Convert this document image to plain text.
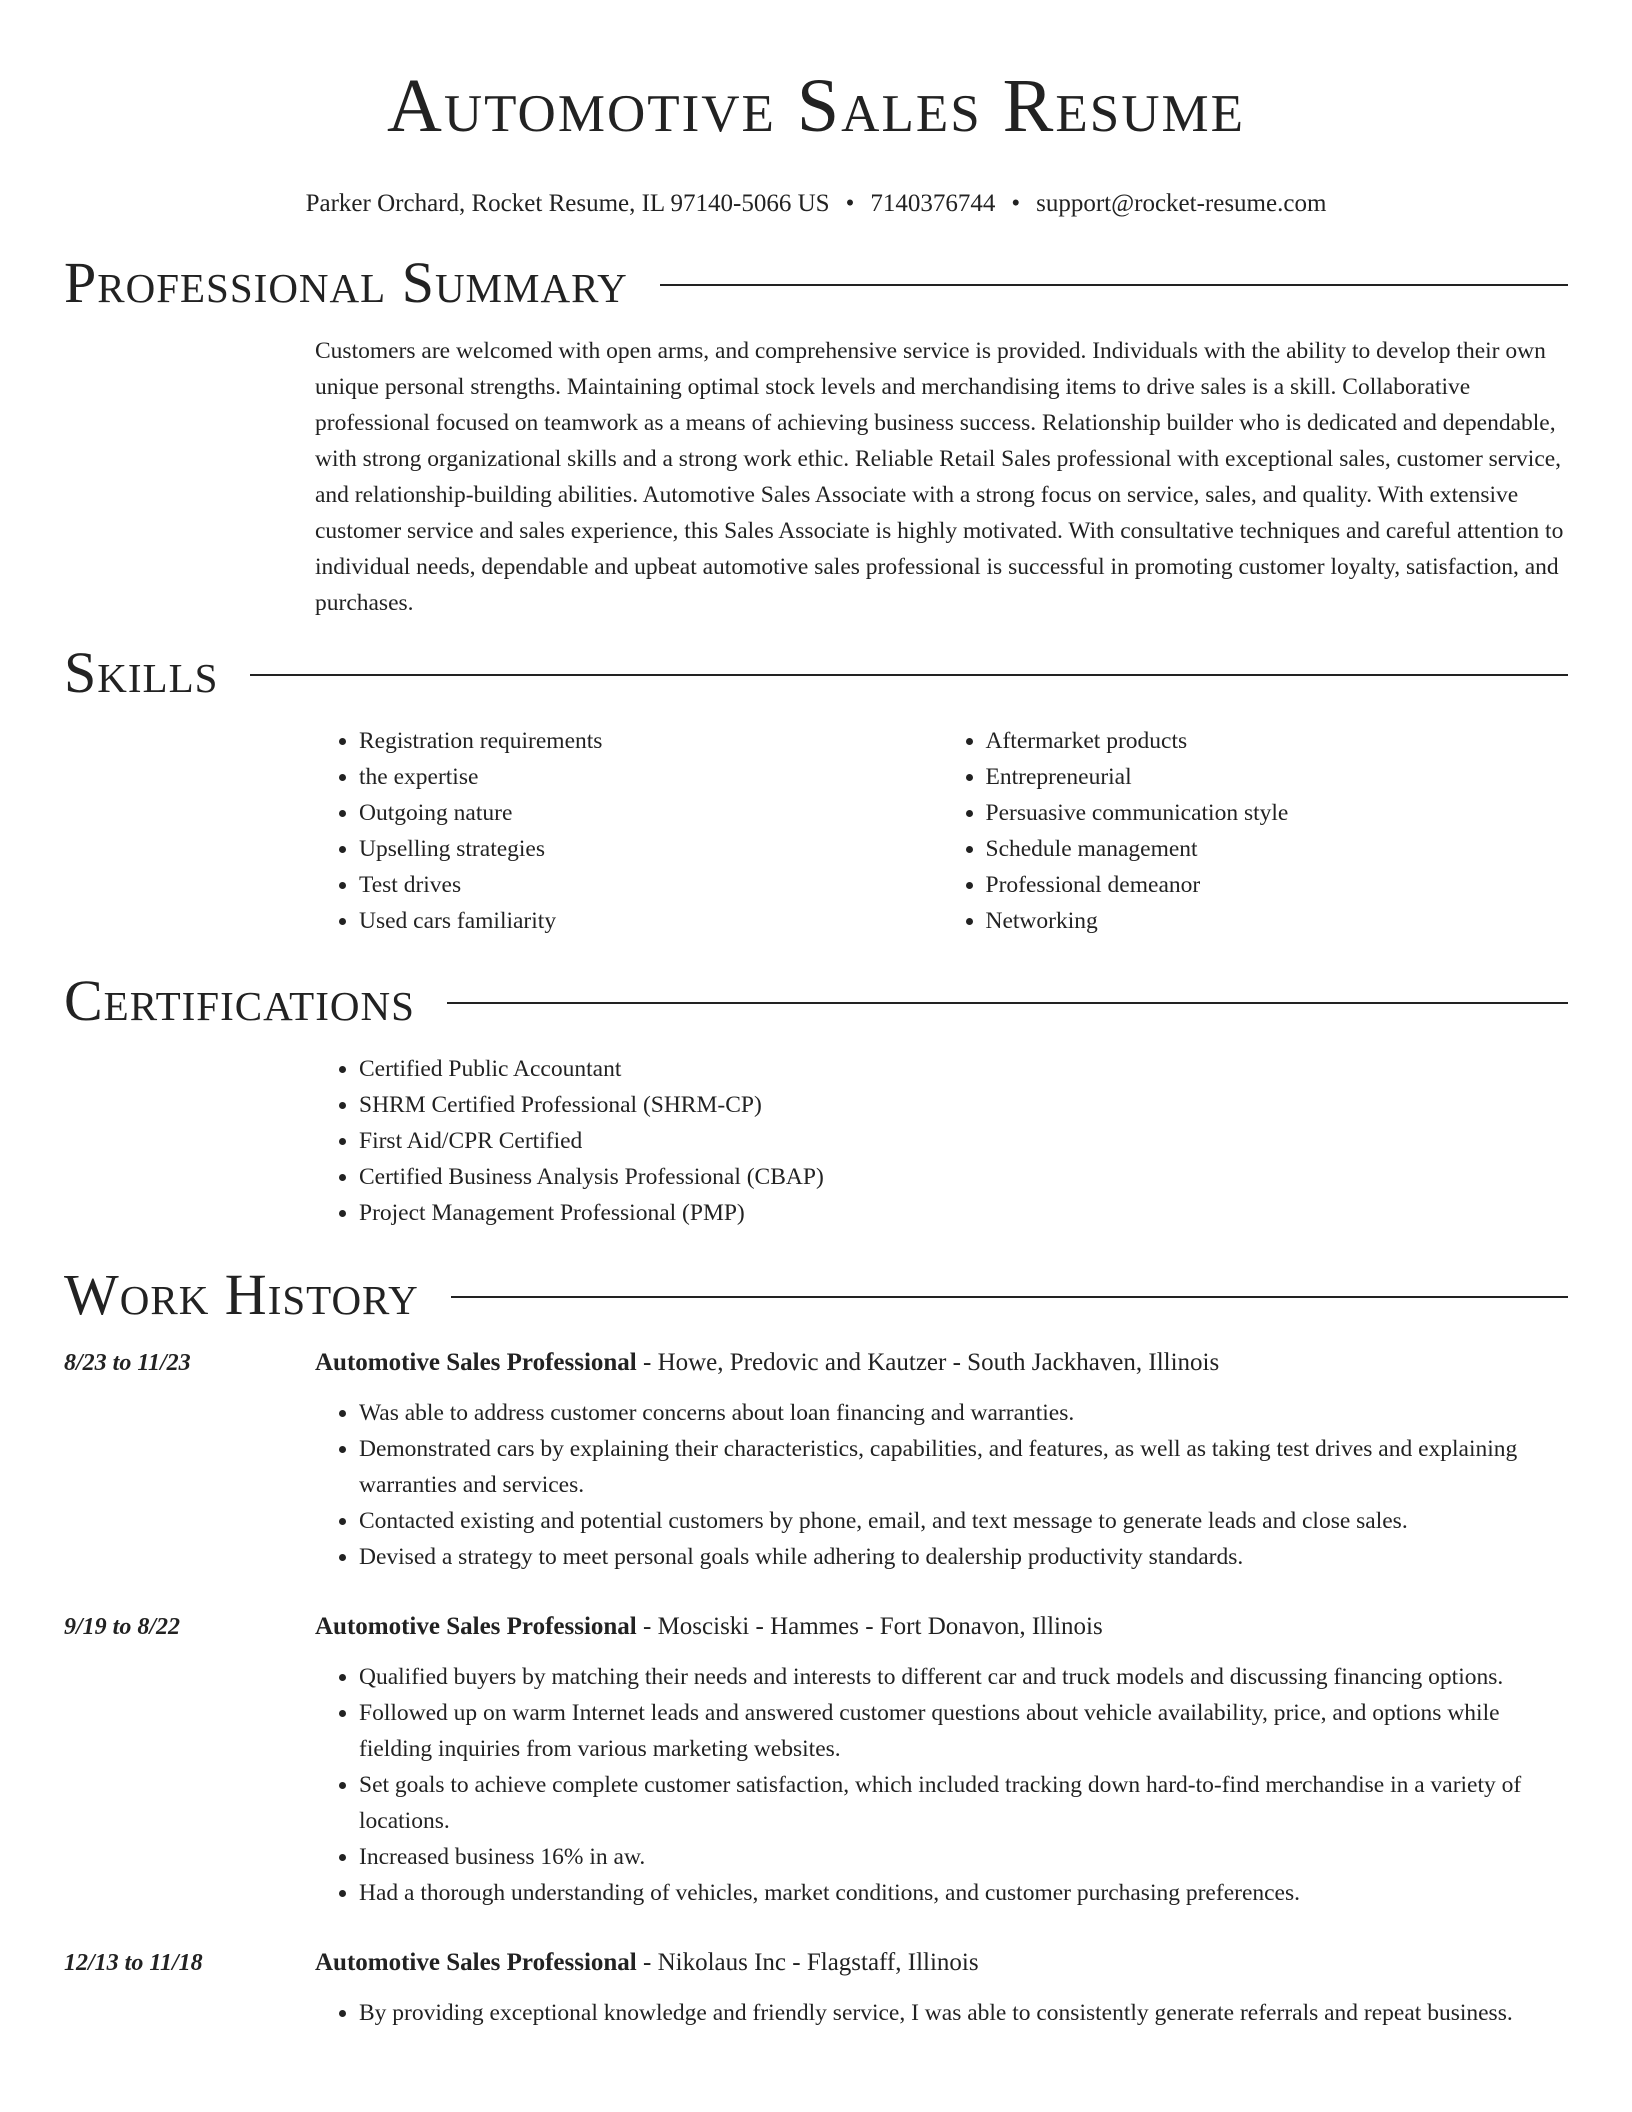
Automotive Sales Resume
Parker Orchard, Rocket Resume, IL 97140-5066 US • 7140376744 • support@rocket-resume.com
Professional Summary

Customers are welcomed with open arms, and comprehensive service is provided. Individuals with the ability to develop their own unique personal strengths. Maintaining optimal stock levels and merchandising items to drive sales is a skill. Collaborative professional focused on teamwork as a means of achieving business success. Relationship builder who is dedicated and dependable, with strong organizational skills and a strong work ethic. Reliable Retail Sales professional with exceptional sales, customer service, and relationship-building abilities. Automotive Sales Associate with a strong focus on service, sales, and quality. With extensive customer service and sales experience, this Sales Associate is highly motivated. With consultative techniques and careful attention to individual needs, dependable and upbeat automotive sales professional is successful in promoting customer loyalty, satisfaction, and purchases.

Skills
• Registration requirements
• the expertise
• Outgoing nature
• Upselling strategies
• Test drives
• Used cars familiarity
• Aftermarket products
• Entrepreneurial
• Persuasive communication style
• Schedule management
• Professional demeanor
• Networking
Certifications
• Certified Public Accountant
• SHRM Certified Professional (SHRM-CP)
• First Aid/CPR Certified
• Certified Business Analysis Professional (CBAP)
• Project Management Professional (PMP)
Work History
8/23 to 11/23	Automotive Sales Professional - Howe, Predovic and Kautzer - South Jackhaven, Illinois
• Was able to address customer concerns about loan financing and warranties.
• Demonstrated cars by explaining their characteristics, capabilities, and features, as well as taking test drives and explaining warranties and services.
• Contacted existing and potential customers by phone, email, and text message to generate leads and close sales.
• Devised a strategy to meet personal goals while adhering to dealership productivity standards.
9/19 to 8/22	Automotive Sales Professional - Mosciski - Hammes - Fort Donavon, Illinois
• Qualified buyers by matching their needs and interests to different car and truck models and discussing financing options.
• Followed up on warm Internet leads and answered customer questions about vehicle availability, price, and options while fielding inquiries from various marketing websites.
• Set goals to achieve complete customer satisfaction, which included tracking down hard-to-find merchandise in a variety of locations.
• Increased business 16% in aw.
• Had a thorough understanding of vehicles, market conditions, and customer purchasing preferences.
12/13 to 11/18	Automotive Sales Professional - Nikolaus Inc - Flagstaff, Illinois
• By providing exceptional knowledge and friendly service, I was able to consistently generate referrals and repeat business.
